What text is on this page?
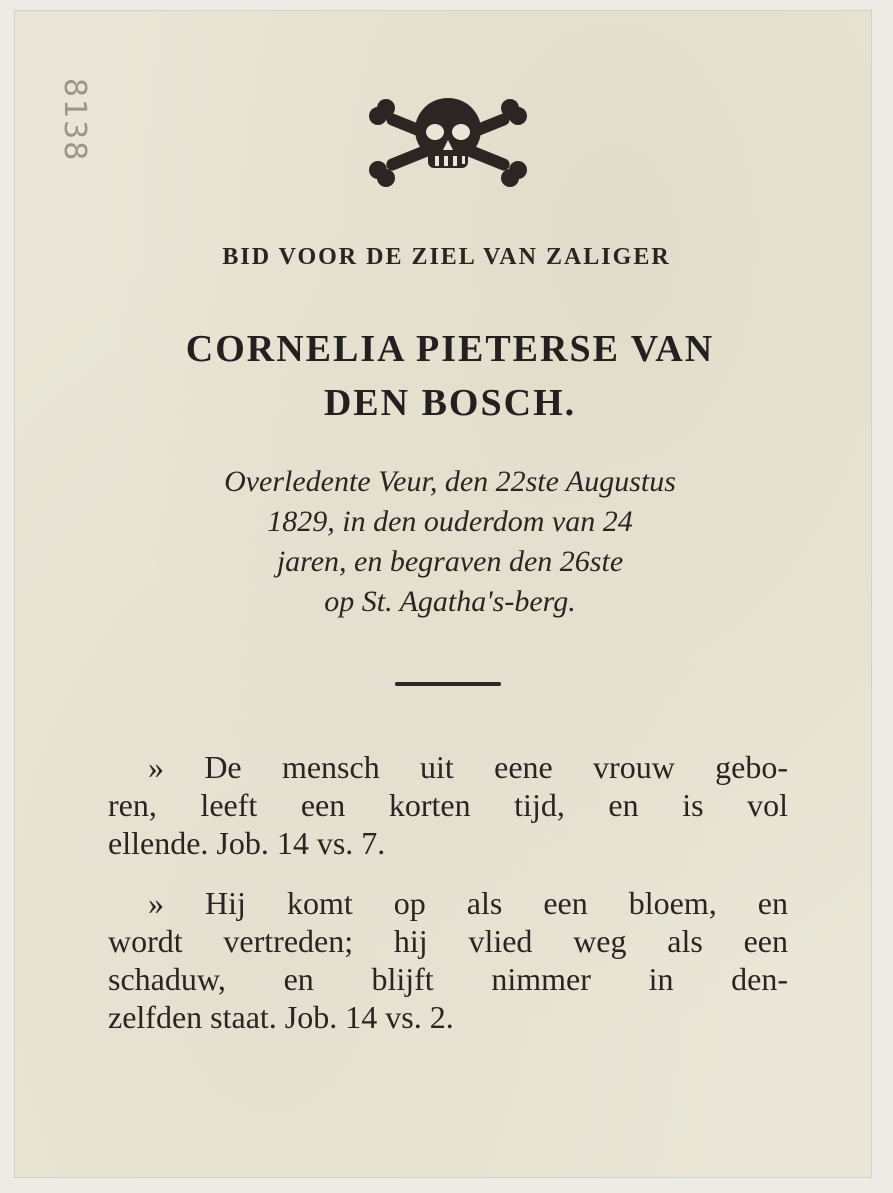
8138
BID VOOR DE ZIEL VAN ZALIGER
CORNELIA PIETERSE VAN
DEN BOSCH.
Overledente Veur, den 22ste Augustus
1829, in den ouderdom van 24
jaren, en begraven den 26ste
op St. Agatha's-berg.
» De mensch uit eene vrouw gebo-
ren, leeft een korten tijd, en is vol
ellende. Job. 14 vs. 7.
» Hij komt op als een bloem, en
wordt vertreden; hij vlied weg als een
schaduw, en blijft nimmer in den-
zelfden staat. Job. 14 vs. 2.
